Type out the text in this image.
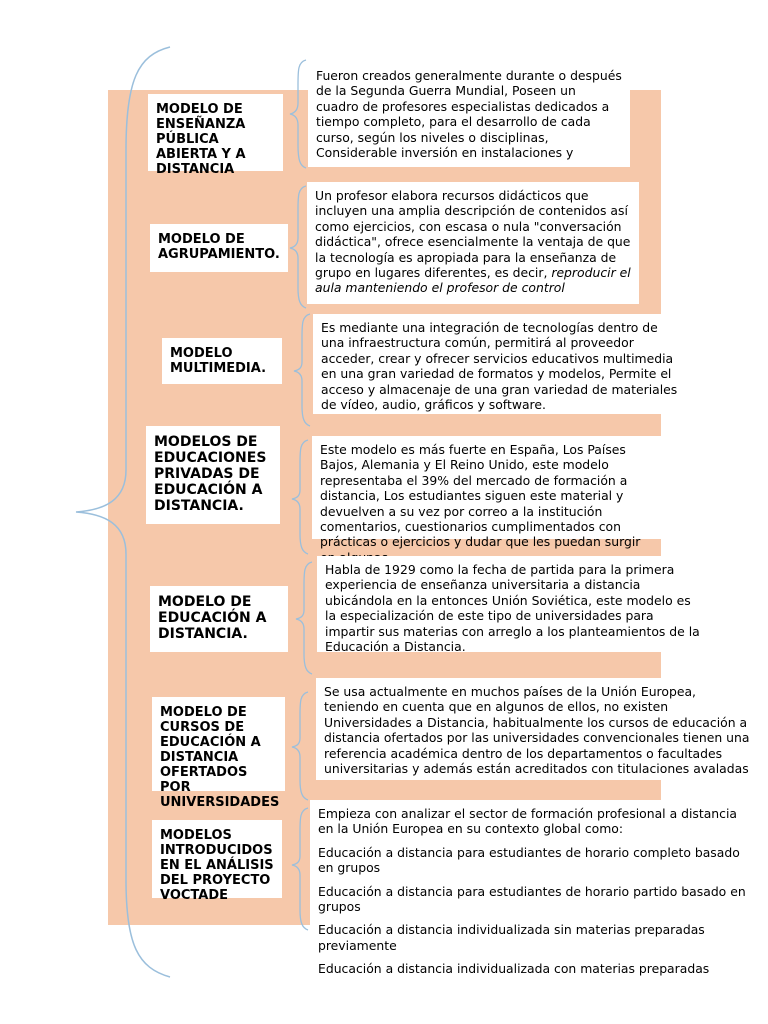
MODELO DE ENSEÑANZA PÚBLICA ABIERTA Y A DISTANCIA

Fueron creados generalmente durante o después de la Segunda Guerra Mundial, Poseen un cuadro de profesores especialistas dedicados a tiempo completo, para el desarrollo de cada curso, según los niveles o disciplinas, Considerable inversión en instalaciones y

MODELO DE AGRUPAMIENTO.

Un profesor elabora recursos didácticos que incluyen una amplia descripción de contenidos así como ejercicios, con escasa o nula "conversación didáctica", ofrece esencialmente la ventaja de que la tecnología es apropiada para la enseñanza de grupo en lugares diferentes, es decir, reproducir el aula manteniendo el profesor de control

MODELO MULTIMEDIA.

Es mediante una integración de tecnologías dentro de una infraestructura común, permitirá al proveedor acceder, crear y ofrecer servicios educativos multimedia en una gran variedad de formatos y modelos, Permite el acceso y almacenaje de una gran variedad de materiales de vídeo, audio, gráficos y software.

MODELOS DE EDUCACIONES PRIVADAS DE EDUCACIÓN A DISTANCIA.

Este modelo es más fuerte en España, Los Países Bajos, Alemania y El Reino Unido, este modelo representaba el 39% del mercado de formación a distancia, Los estudiantes siguen este material y devuelven a su vez por correo a la institución comentarios, cuestionarios cumplimentados con prácticas o ejercicios y dudar que les puedan surgir

MODELO DE EDUCACIÓN A DISTANCIA.

Habla de 1929 como la fecha de partida para la primera experiencia de enseñanza universitaria a distancia ubicándola en la entonces Unión Soviética, este modelo es la especialización de este tipo de universidades para impartir sus materias con arreglo a los planteamientos de la Educación a Distancia.

MODELO DE CURSOS DE EDUCACIÓN A DISTANCIA OFERTADOS POR UNIVERSIDADES

Se usa actualmente en muchos países de la Unión Europea, teniendo en cuenta que en algunos de ellos, no existen Universidades a Distancia, habitualmente los cursos de educación a distancia ofertados por las universidades convencionales tienen una referencia académica dentro de los departamentos o facultades universitarias y además están acreditados con titulaciones avaladas

MODELOS INTRODUCIDOS EN EL ANÁLISIS DEL PROYECTO VOCTADE

Empieza con analizar el sector de formación profesional a distancia en la Unión Europea en su contexto global como:

Educación a distancia para estudiantes de horario completo basado en grupos

Educación a distancia para estudiantes de horario partido basado en grupos

Educación a distancia individualizada sin materias preparadas previamente

Educación a distancia individualizada con materias preparadas
